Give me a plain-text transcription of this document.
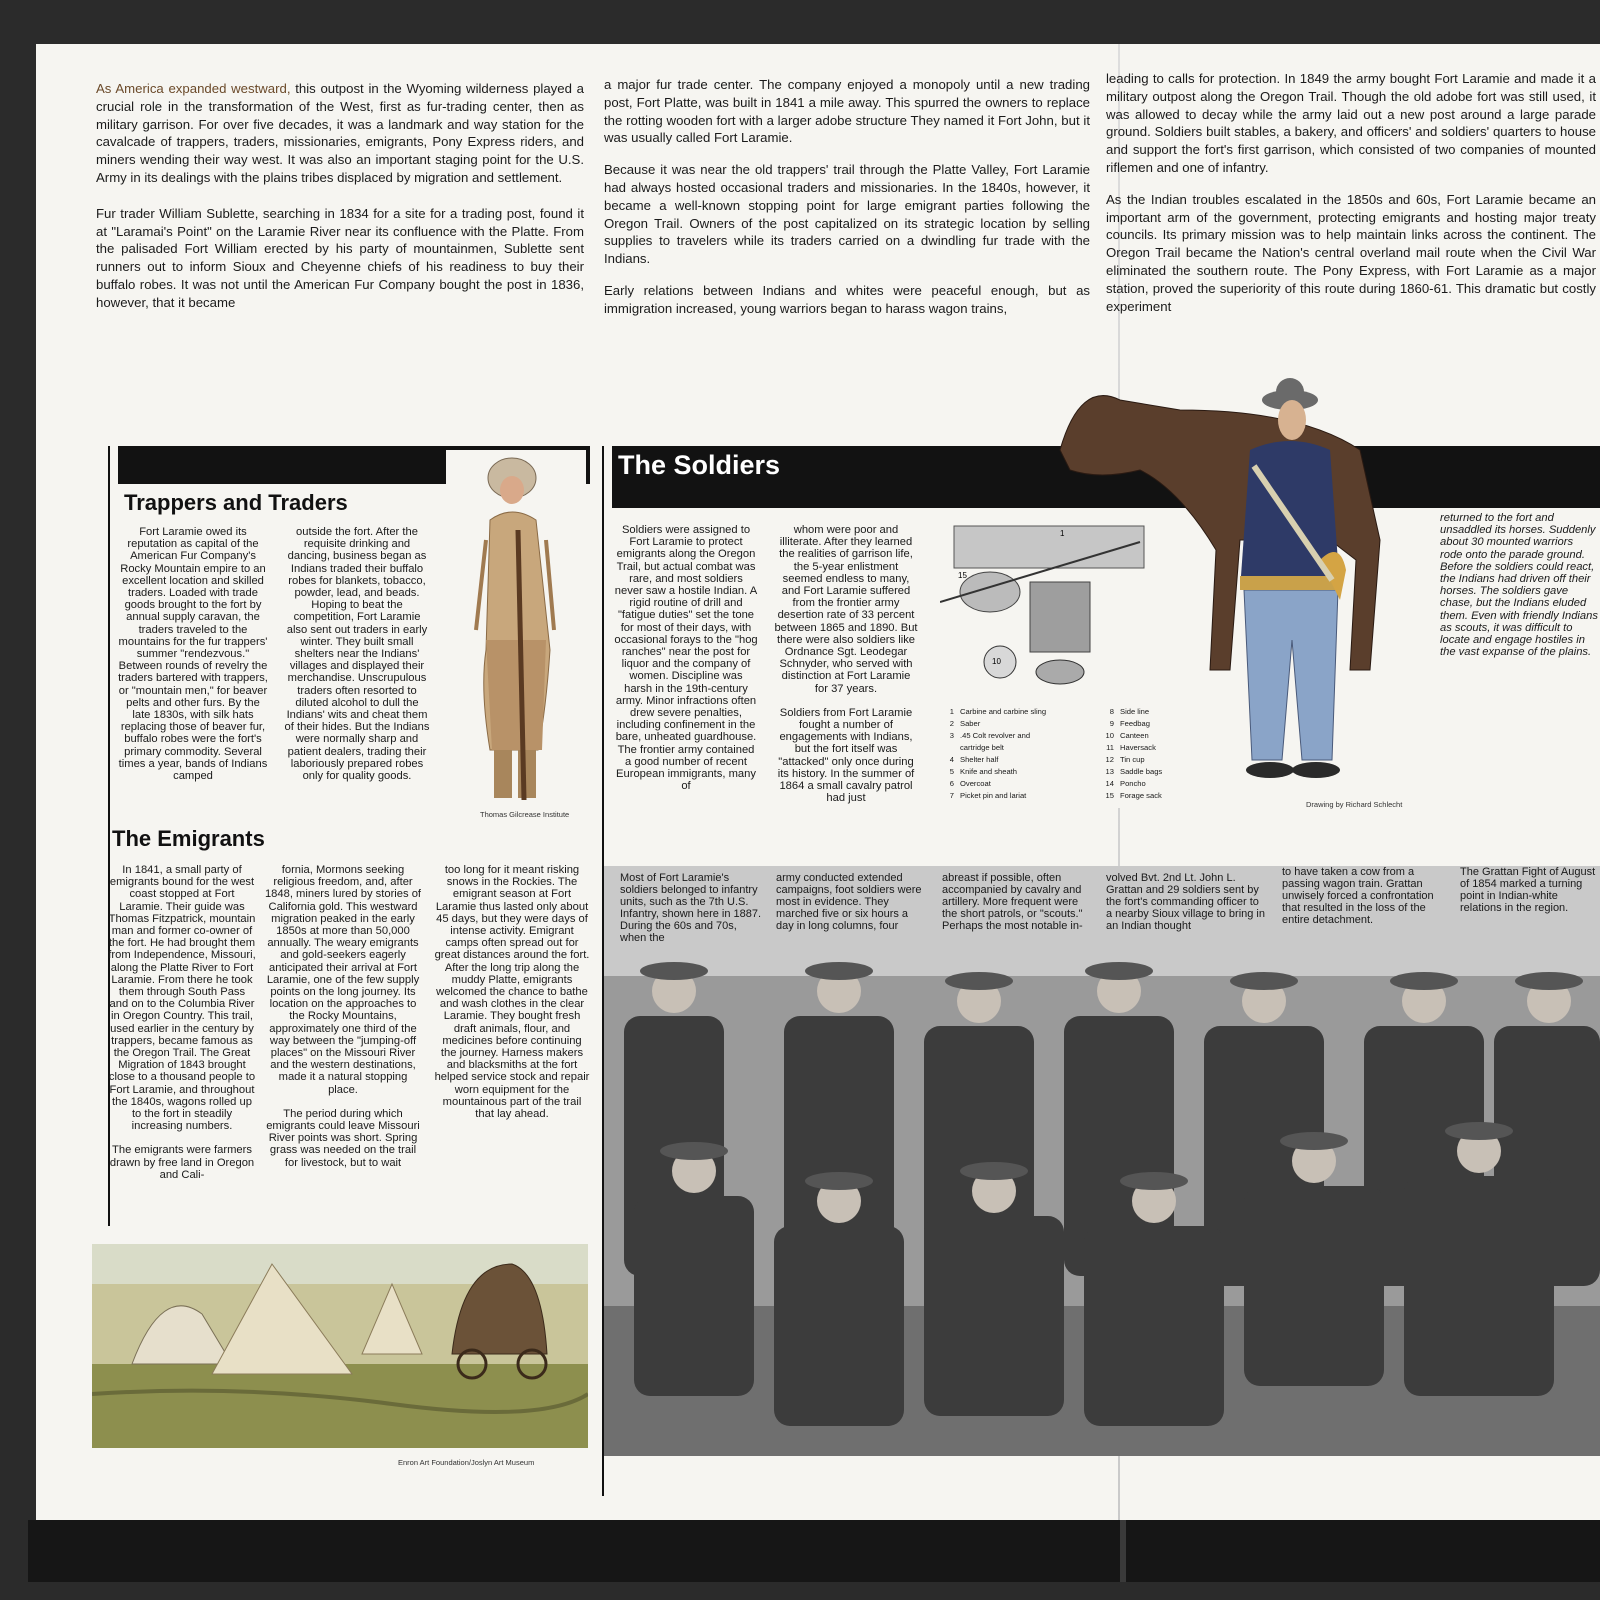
As America expanded westward, this outpost in the Wyoming wilderness played a crucial role in the transformation of the West, first as fur-trading center, then as military garrison. For over five decades, it was a landmark and way station for the cavalcade of trappers, traders, missionaries, emigrants, Pony Express riders, and miners wending their way west. It was also an important staging point for the U.S. Army in its dealings with the plains tribes displaced by migration and settlement.

Fur trader William Sublette, searching in 1834 for a site for a trading post, found it at "Laramai's Point" on the Laramie River near its confluence with the Platte. From the palisaded Fort William erected by his party of mountainmen, Sublette sent runners out to inform Sioux and Cheyenne chiefs of his readiness to buy their buffalo robes. It was not until the American Fur Company bought the post in 1836, however, that it became

a major fur trade center. The company enjoyed a monopoly until a new trading post, Fort Platte, was built in 1841 a mile away. This spurred the owners to replace the rotting wooden fort with a larger adobe structure They named it Fort John, but it was usually called Fort Laramie.

Because it was near the old trappers' trail through the Platte Valley, Fort Laramie had always hosted occasional traders and missionaries. In the 1840s, however, it became a well-known stopping point for large emigrant parties following the Oregon Trail. Owners of the post capitalized on its strategic location by selling supplies to travelers while its traders carried on a dwindling fur trade with the Indians.

Early relations between Indians and whites were peaceful enough, but as immigration increased, young warriors began to harass wagon trains,

leading to calls for protection. In 1849 the army bought Fort Laramie and made it a military outpost along the Oregon Trail. Though the old adobe fort was still used, it was allowed to decay while the army laid out a new post around a large parade ground. Soldiers built stables, a bakery, and officers' and soldiers' quarters to house and support the fort's first garrison, which consisted of two companies of mounted riflemen and one of infantry.

As the Indian troubles escalated in the 1850s and 60s, Fort Laramie became an important arm of the government, protecting emigrants and hosting major treaty councils. Its primary mission was to help maintain links across the continent. The Oregon Trail became the Nation's central overland mail route when the Civil War eliminated the southern route. The Pony Express, with Fort Laramie as a major station, proved the superiority of this route during 1860-61. This dramatic but costly experiment

Trappers and Traders
Fort Laramie owed its reputation as capital of the American Fur Company's Rocky Mountain empire to an excellent location and skilled traders. Loaded with trade goods brought to the fort by annual supply caravan, the traders traveled to the mountains for the fur trappers' summer "rendezvous." Between rounds of revelry the traders bartered with trappers, or "mountain men," for beaver pelts and other furs. By the late 1830s, with silk hats replacing those of beaver fur, buffalo robes were the fort's primary commodity. Several times a year, bands of Indians camped
outside the fort. After the requisite drinking and dancing, business began as Indians traded their buffalo robes for blankets, tobacco, powder, lead, and beads. Hoping to beat the competition, Fort Laramie also sent out traders in early winter. They built small shelters near the Indians' villages and displayed their merchandise. Unscrupulous traders often resorted to diluted alcohol to dull the Indians' wits and cheat them of their hides. But the Indians were normally sharp and patient dealers, trading their laboriously prepared robes only for quality goods.
Thomas Gilcrease Institute
The Emigrants
In 1841, a small party of emigrants bound for the west coast stopped at Fort Laramie. Their guide was Thomas Fitzpatrick, mountain man and former co-owner of the fort. He had brought them from Independence, Missouri, along the Platte River to Fort Laramie. From there he took them through South Pass and on to the Columbia River in Oregon Country. This trail, used earlier in the century by trappers, became famous as the Oregon Trail. The Great Migration of 1843 brought close to a thousand people to Fort Laramie, and throughout the 1840s, wagons rolled up to the fort in steadily increasing numbers.
The emigrants were farmers drawn by free land in Oregon and Cali-
fornia, Mormons seeking religious freedom, and, after 1848, miners lured by stories of California gold. This westward migration peaked in the early 1850s at more than 50,000 annually. The weary emigrants and gold-seekers eagerly anticipated their arrival at Fort Laramie, one of the few supply points on the long journey. Its location on the approaches to the Rocky Mountains, approximately one third of the way between the "jumping-off places" on the Missouri River and the western destinations, made it a natural stopping place.
The period during which emigrants could leave Missouri River points was short. Spring grass was needed on the trail for livestock, but to wait
too long for it meant risking snows in the Rockies. The emigrant season at Fort Laramie thus lasted only about 45 days, but they were days of intense activity. Emigrant camps often spread out for great distances around the fort. After the long trip along the muddy Platte, emigrants welcomed the chance to bathe and wash clothes in the clear Laramie. They bought fresh draft animals, flour, and medicines before continuing the journey. Harness makers and blacksmiths at the fort helped service stock and repair worn equipment for the mountainous part of the trail that lay ahead.
Enron Art Foundation/Joslyn Art Museum
The Soldiers
Soldiers were assigned to Fort Laramie to protect emigrants along the Oregon Trail, but actual combat was rare, and most soldiers never saw a hostile Indian. A rigid routine of drill and "fatigue duties" set the tone for most of their days, with occasional forays to the "hog ranches" near the post for liquor and the company of women. Discipline was harsh in the 19th-century army. Minor infractions often drew severe penalties, including confinement in the bare, unheated guardhouse. The frontier army contained a good number of recent European immigrants, many of
whom were poor and illiterate. After they learned the realities of garrison life, the 5-year enlistment seemed endless to many, and Fort Laramie suffered from the frontier army desertion rate of 33 percent between 1865 and 1890. But there were also soldiers like Ordnance Sgt. Leodegar Schnyder, who served with distinction at Fort Laramie for 37 years.
Soldiers from Fort Laramie fought a number of engagements with Indians, but the fort itself was "attacked" only once during its history. In the summer of 1864 a small cavalry patrol had just
returned to the fort and unsaddled its horses. Suddenly about 30 mounted warriors rode onto the parade ground. Before the soldiers could react, the Indians had driven off their horses. The soldiers gave chase, but the Indians eluded them. Even with friendly Indians as scouts, it was difficult to locate and engage hostiles in the vast expanse of the plains.
15
1
10
1 Carbine and carbine sling
2 Saber
3 .45 Colt revolver and
cartridge belt
4 Shelter half
5 Knife and sheath
6 Overcoat
7 Picket pin and lariat
8 Side line
9 Feedbag
10 Canteen
11 Haversack
12 Tin cup
13 Saddle bags
14 Poncho
15 Forage sack
Drawing by Richard Schlecht
Most of Fort Laramie's soldiers belonged to infantry units, such as the 7th U.S. Infantry, shown here in 1887. During the 60s and 70s, when the
army conducted extended campaigns, foot soldiers were most in evidence. They marched five or six hours a day in long columns, four
abreast if possible, often accompanied by cavalry and artillery. More frequent were the short patrols, or "scouts." Perhaps the most notable in-
volved Bvt. 2nd Lt. John L. Grattan and 29 soldiers sent by the fort's commanding officer to a nearby Sioux village to bring in an Indian thought
to have taken a cow from a passing wagon train. Grattan unwisely forced a confrontation that resulted in the loss of the entire detachment.
The Grattan Fight of August of 1854 marked a turning point in Indian-white relations in the region.
